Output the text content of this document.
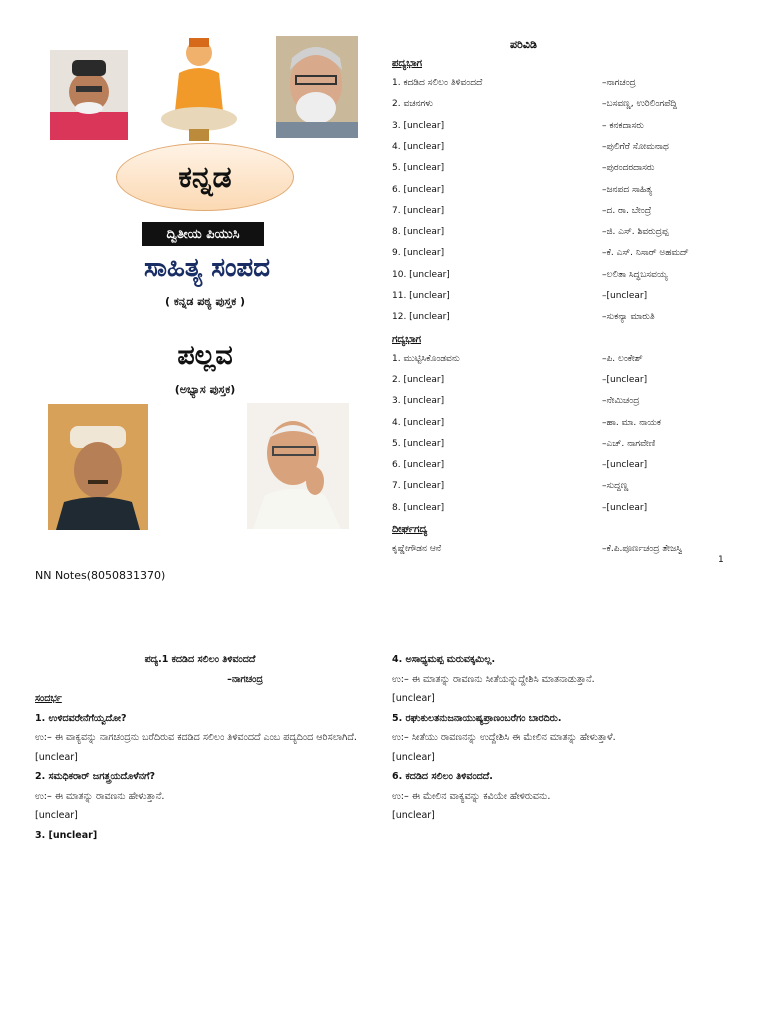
ಕನ್ನಡ
ದ್ವಿತೀಯ ಪಿಯುಸಿ
ಸಾಹಿತ್ಯ ಸಂಪದ
( ಕನ್ನಡ ಪಠ್ಯ ಪುಸ್ತಕ )
ಪಲ್ಲವ
(ಅಭ್ಯಾಸ ಪುಸ್ತಕ)
NN Notes(8050831370)
ಪರಿವಿಡಿ
ಪದ್ಯಭಾಗ
1. ಕದಡಿದ ಸಲಿಲಂ ತಿಳಿವಂದದೆ	–ನಾಗಚಂದ್ರ
2. ವಚನಗಳು	–ಬಸವಣ್ಣ, ಉರಿಲಿಂಗಪೆದ್ದಿ
3. [unclear]	– ಕನಕದಾಸರು
4. [unclear]	–ಪುಲಿಗೆರೆ ಸೋಮನಾಥ
5. [unclear]	–ಪುರಂದರದಾಸರು
6. [unclear]	–ಜನಪದ ಸಾಹಿತ್ಯ
7. [unclear]	–ದ. ರಾ. ಬೇಂದ್ರೆ
8. [unclear]	–ಜಿ. ಎಸ್. ಶಿವರುದ್ರಪ್ಪ
9. [unclear]	–ಕೆ. ಎಸ್. ನಿಸಾರ್ ಅಹಮದ್
10. [unclear]	–ಲಲಿತಾ ಸಿದ್ಧಬಸವಯ್ಯ
11. [unclear]	–[unclear]
12. [unclear]	–ಸುಕನ್ಯಾ ಮಾರುತಿ
ಗದ್ಯಭಾಗ
1. ಮುಟ್ಟಿಸಿಕೊಂಡವನು	–ಪಿ. ಲಂಕೇಶ್
2. [unclear]	–[unclear]
3. [unclear]	–ನೇಮಿಚಂದ್ರ
4. [unclear]	–ಹಾ. ಮಾ. ನಾಯಕ
5. [unclear]	–ಎಚ್. ನಾಗವೇಣಿ
6. [unclear]	–[unclear]
7. [unclear]	–ಸುದ್ದಣ್ಣ
8. [unclear]	–[unclear]
ದೀರ್ಘಗದ್ಯ
ಕೃಷ್ಣೇಗೌಡನ ಆನೆ	–ಕೆ.ಪಿ.ಪೂರ್ಣಚಂದ್ರ ತೇಜಸ್ವಿ
1

ಪದ್ಯ.1 ಕದಡಿದ ಸಲಿಲಂ ತಿಳಿವಂದದೆ

–ನಾಗಚಂದ್ರ

ಸಂದರ್ಭ

1. ಉಳಿದವರೇನೆಗೆಯ್ವದೋ?

ಉ:– ಈ ವಾಕ್ಯವನ್ನು ನಾಗಚಂದ್ರನು ಬರೆದಿರುವ ಕದಡಿದ ಸಲಿಲಂ ತಿಳಿವಂದದೆ ಎಂಬ ಪದ್ಯದಿಂದ ಆರಿಸಲಾಗಿದೆ.

[unclear]

2. ಸಮಧಿಕರಾರ್ ಜಗತ್ತ್ರಯದೊಳೆನಗೆ?

ಉ:– ಈ ಮಾತನ್ನು ರಾವಣನು ಹೇಳುತ್ತಾನೆ.

[unclear]

3. [unclear]

4. ಅಸಾಧ್ಯಮಪ್ಪ ಮರುವಕ್ಕಮಿಲ್ಲ.

ಉ:– ಈ ಮಾತನ್ನು ರಾವಣನು ಸೀತೆಯನ್ನುದ್ದೇಶಿಸಿ ಮಾತನಾಡುತ್ತಾನೆ.

[unclear]

5. ರಘುಕುಲತನುಜನಾಯುಷ್ಯಪ್ರಾಣಂಬರೆಗಂ ಬಾರದಿರು.

ಉ:– ಸೀತೆಯು ರಾವಣನನ್ನು ಉದ್ದೇಶಿಸಿ ಈ ಮೇಲಿನ ಮಾತನ್ನು ಹೇಳುತ್ತಾಳೆ.

[unclear]

6. ಕದಡಿದ ಸಲಿಲಂ ತಿಳಿವಂದದೆ.

ಉ:– ಈ ಮೇಲಿನ ವಾಕ್ಯವನ್ನು ಕವಿಯೇ ಹೇಳಿರುವನು.

[unclear]
